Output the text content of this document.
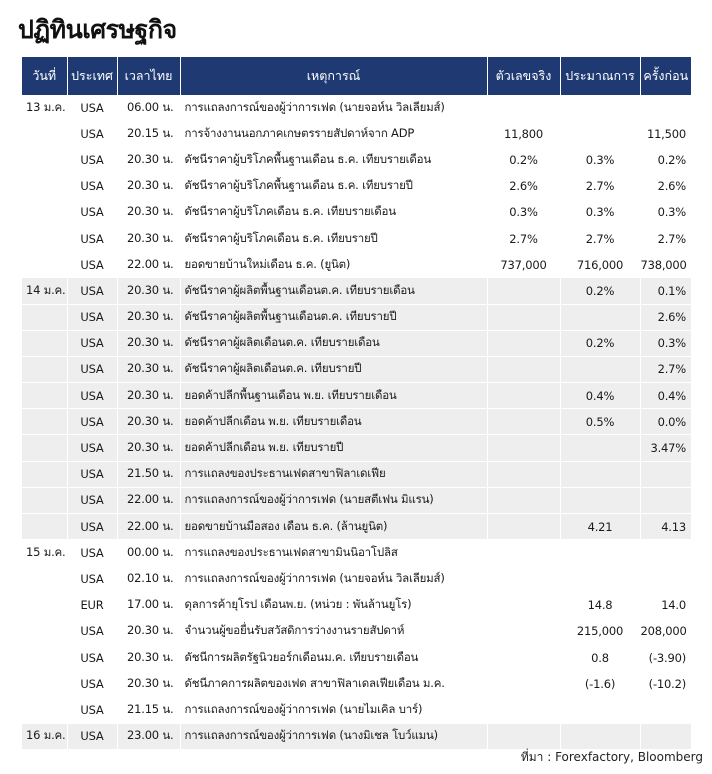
ปฏิทินเศรษฐกิจ
วันที่	ประเทศ	เวลาไทย	เหตุการณ์	ตัวเลขจริง	ประมาณการ	ครั้งก่อน
13 ม.ค.	USA	06.00 น.	การแถลงการณ์ของผู้ว่าการเฟด (นายจอห์น วิลเลียมส์)			
	USA	20.15 น.	การจ้างงานนอกภาคเกษตรรายสัปดาห์จาก ADP	11,800		11,500
	USA	20.30 น.	ดัชนีราคาผู้บริโภคพื้นฐานเดือน ธ.ค. เทียบรายเดือน	0.2%	0.3%	0.2%
	USA	20.30 น.	ดัชนีราคาผู้บริโภคพื้นฐานเดือน ธ.ค. เทียบรายปี	2.6%	2.7%	2.6%
	USA	20.30 น.	ดัชนีราคาผู้บริโภคเดือน ธ.ค. เทียบรายเดือน	0.3%	0.3%	0.3%
	USA	20.30 น.	ดัชนีราคาผู้บริโภคเดือน ธ.ค. เทียบรายปี	2.7%	2.7%	2.7%
	USA	22.00 น.	ยอดขายบ้านใหม่เดือน ธ.ค. (ยูนิต)	737,000	716,000	738,000
14 ม.ค.	USA	20.30 น.	ดัชนีราคาผู้ผลิตพื้นฐานเดือนต.ค. เทียบรายเดือน		0.2%	0.1%
	USA	20.30 น.	ดัชนีราคาผู้ผลิตพื้นฐานเดือนต.ค. เทียบรายปี			2.6%
	USA	20.30 น.	ดัชนีราคาผู้ผลิตเดือนต.ค. เทียบรายเดือน		0.2%	0.3%
	USA	20.30 น.	ดัชนีราคาผู้ผลิตเดือนต.ค. เทียบรายปี			2.7%
	USA	20.30 น.	ยอดค้าปลีกพื้นฐานเดือน พ.ย. เทียบรายเดือน		0.4%	0.4%
	USA	20.30 น.	ยอดค้าปลีกเดือน พ.ย. เทียบรายเดือน		0.5%	0.0%
	USA	20.30 น.	ยอดค้าปลีกเดือน พ.ย. เทียบรายปี			3.47%
	USA	21.50 น.	การแถลงของประธานเฟดสาขาฟิลาเดเฟีย			
	USA	22.00 น.	การแถลงการณ์ของผู้ว่าการเฟด (นายสตีเฟน มิแรน)			
	USA	22.00 น.	ยอดขายบ้านมือสอง เดือน ธ.ค. (ล้านยูนิต)		4.21	4.13
15 ม.ค.	USA	00.00 น.	การแถลงของประธานเฟดสาขามินนิอาโปลิส			
	USA	02.10 น.	การแถลงการณ์ของผู้ว่าการเฟด (นายจอห์น วิลเลียมส์)			
	EUR	17.00 น.	ดุลการค้ายุโรป เดือนพ.ย. (หน่วย : พันล้านยูโร)		14.8	14.0
	USA	20.30 น.	จำนวนผู้ขอยื่นรับสวัสดิการว่างงานรายสัปดาห์		215,000	208,000
	USA	20.30 น.	ดัชนีการผลิตรัฐนิวยอร์กเดือนม.ค. เทียบรายเดือน		0.8	(-3.90)
	USA	20.30 น.	ดัชนีภาคการผลิตของเฟด สาขาฟิลาเดลเฟียเดือน ม.ค.		(-1.6)	(-10.2)
	USA	21.15 น.	การแถลงการณ์ของผู้ว่าการเฟด (นายไมเคิล บาร์)			
16 ม.ค.	USA	23.00 น.	การแถลงการณ์ของผู้ว่าการเฟด (นางมิเชล โบว์แมน)			
ที่มา : Forexfactory, Bloomberg
